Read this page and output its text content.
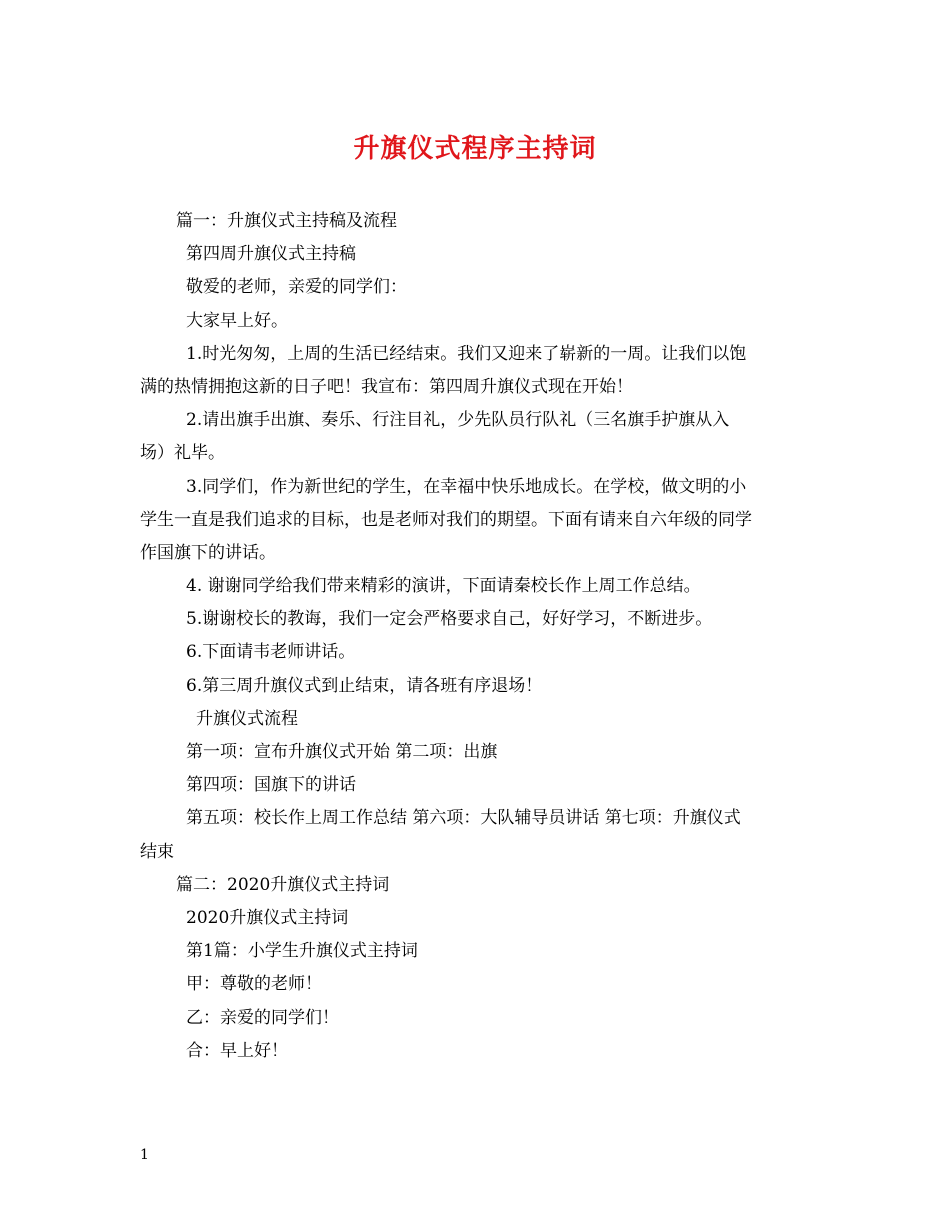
升旗仪式程序主持词
篇一：升旗仪式主持稿及流程
第四周升旗仪式主持稿
敬爱的老师，亲爱的同学们：
大家早上好。
1.时光匆匆，上周的生活已经结束。我们又迎来了崭新的一周。让我们以饱
满的热情拥抱这新的日子吧！我宣布：第四周升旗仪式现在开始！
2.请出旗手出旗、奏乐、行注目礼，少先队员行队礼（三名旗手护旗从入
场）礼毕。
3.同学们，作为新世纪的学生，在幸福中快乐地成长。在学校，做文明的小
学生一直是我们追求的目标，也是老师对我们的期望。下面有请来自六年级的同学
作国旗下的讲话。
4. 谢谢同学给我们带来精彩的演讲，下面请秦校长作上周工作总结。
5.谢谢校长的教诲，我们一定会严格要求自己，好好学习，不断进步。
6.下面请韦老师讲话。
6.第三周升旗仪式到止结束，请各班有序退场！
升旗仪式流程
第一项：宣布升旗仪式开始 第二项：出旗
第四项：国旗下的讲话
第五项：校长作上周工作总结 第六项：大队辅导员讲话 第七项：升旗仪式
结束
篇二：2020升旗仪式主持词
2020升旗仪式主持词
第1篇：小学生升旗仪式主持词
甲：尊敬的老师！
乙：亲爱的同学们！
合：早上好！
1
